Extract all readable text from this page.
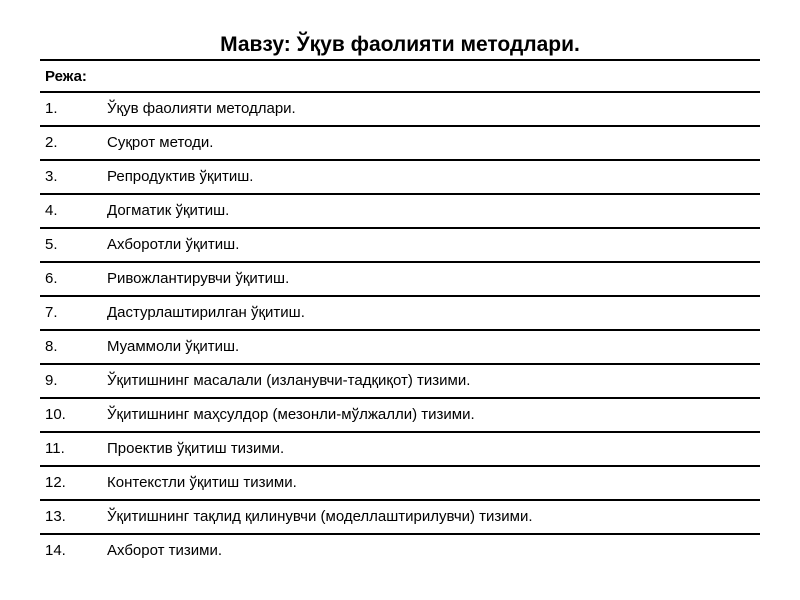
Мавзу: Ўқув фаолияти методлари.
Режа:
1.	Ўқув фаолияти методлари.
2.	Суқрот методи.
3.	Репродуктив ўқитиш.
4.	Догматик ўқитиш.
5.	Ахборотли ўқитиш.
6.	Ривожлантирувчи ўқитиш.
7.	Дастурлаштирилган ўқитиш.
8.	Муаммоли ўқитиш.
9.	Ўқитишнинг масалали (изланувчи-тадқиқот) тизими.
10.	Ўқитишнинг маҳсулдор (мезонли-мўлжалли) тизими.
11.	Проектив ўқитиш тизими.
12.	Контекстли ўқитиш тизими.
13.	Ўқитишнинг тақлид қилинувчи (моделлаштирилувчи) тизими.
14.	Ахборот тизими.
